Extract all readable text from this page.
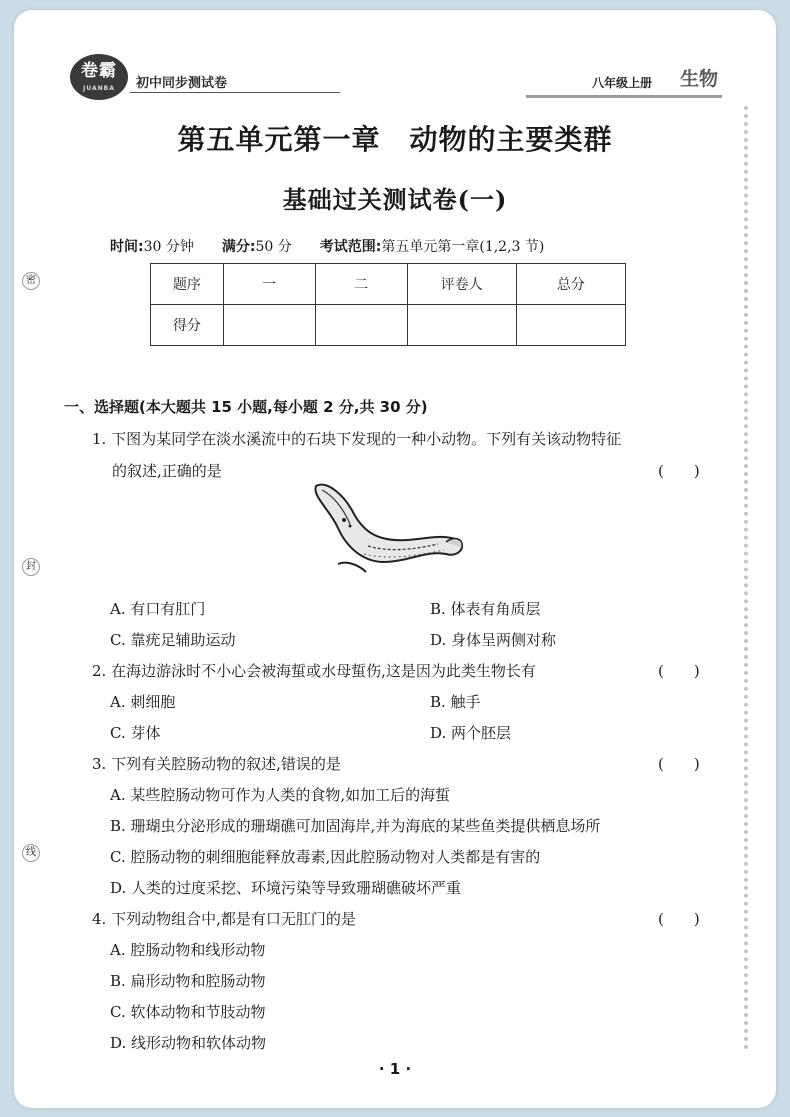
卷霸
JUANBA	初中同步测试卷	八年级上册 生物
密
封
线
第五单元第一章　动物的主要类群
基础过关测试卷(一)
时间:30 分钟 满分:50 分 考试范围:第五单元第一章(1,2,3 节)
题序	一	二	评卷人	总分
得分				
一、选择题(本大题共 15 小题,每小题 2 分,共 30 分)
1. 下图为某同学在淡水溪流中的石块下发现的一种小动物。下列有关该动物特征
的叙述,正确的是	(　　)
A. 有口有肛门	B. 体表有角质层
C. 靠疣足辅助运动	D. 身体呈两侧对称
2. 在海边游泳时不小心会被海蜇或水母蜇伤,这是因为此类生物长有	(　　)
A. 刺细胞	B. 触手
C. 芽体	D. 两个胚层
3. 下列有关腔肠动物的叙述,错误的是	(　　)
A. 某些腔肠动物可作为人类的食物,如加工后的海蜇
B. 珊瑚虫分泌形成的珊瑚礁可加固海岸,并为海底的某些鱼类提供栖息场所
C. 腔肠动物的刺细胞能释放毒素,因此腔肠动物对人类都是有害的
D. 人类的过度采挖、环境污染等导致珊瑚礁破坏严重
4. 下列动物组合中,都是有口无肛门的是	(　　)
A. 腔肠动物和线形动物
B. 扁形动物和腔肠动物
C. 软体动物和节肢动物
D. 线形动物和软体动物
· 1 ·
